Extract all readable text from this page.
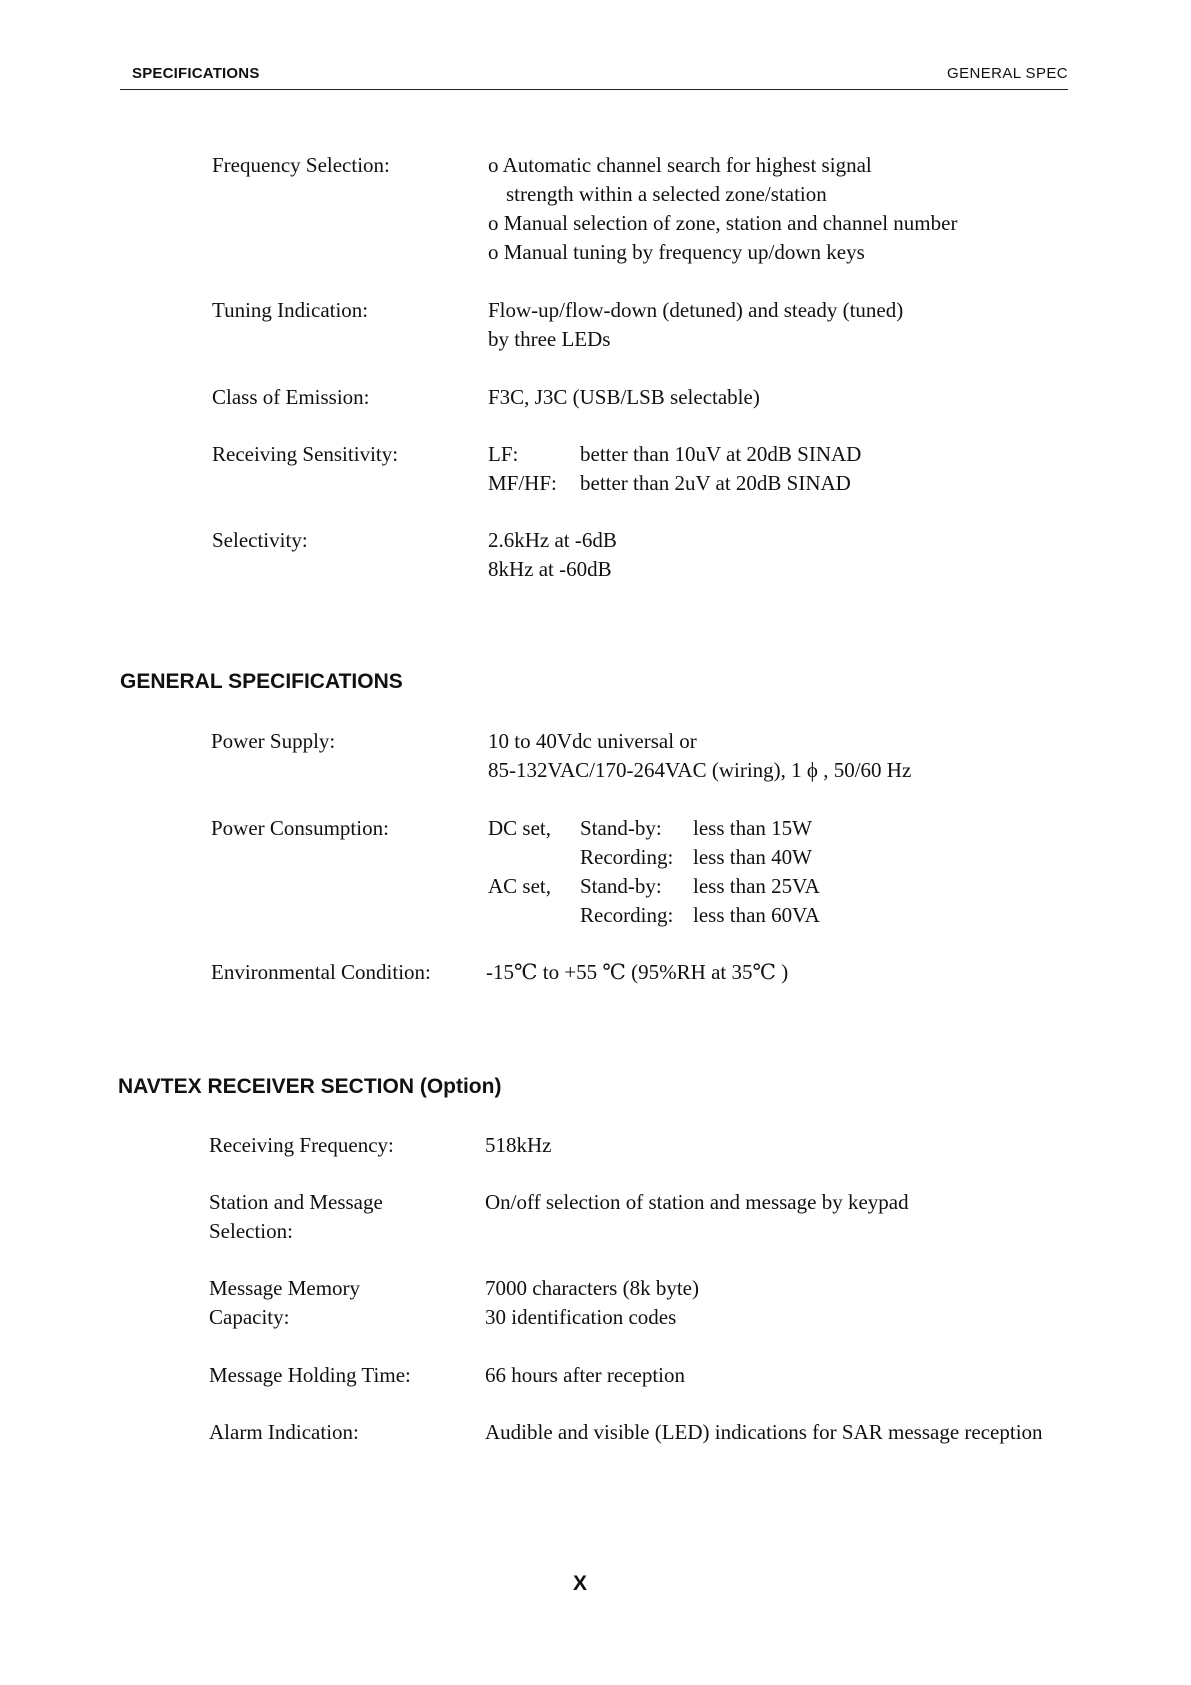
SPECIFICATIONS	GENERAL SPEC
Frequency Selection:	o Automatic channel search for highest signal
strength within a selected zone/station
o Manual selection of zone, station and channel number
o Manual tuning by frequency up/down keys
Tuning Indication:	Flow-up/flow-down (detuned) and steady (tuned)
by three LEDs
Class of Emission:	F3C, J3C (USB/LSB selectable)
Receiving Sensitivity:	LF:	better than 10uV at 20dB SINAD
MF/HF:	better than 2uV at 20dB SINAD
Selectivity:	2.6kHz at -6dB
8kHz at -60dB
GENERAL SPECIFICATIONS
Power Supply:	10 to 40Vdc universal or
85-132VAC/170-264VAC (wiring), 1 ϕ , 50/60 Hz
Power Consumption:	DC set,	Stand-by:	less than 15W
Recording: less than 40W
AC set,	Stand-by:	less than 25VA
Recording: less than 60VA
Environmental Condition:	-15℃ to +55 ℃ (95%RH at 35℃ )
NAVTEX RECEIVER SECTION (Option)
Receiving Frequency:	518kHz
Station and Message
Selection:
On/off selection of station and message by keypad
Message Memory
Capacity:
7000 characters (8k byte)
30 identification codes
Message Holding Time:	66 hours after reception
Alarm Indication:	Audible and visible (LED) indications for SAR message reception
X
